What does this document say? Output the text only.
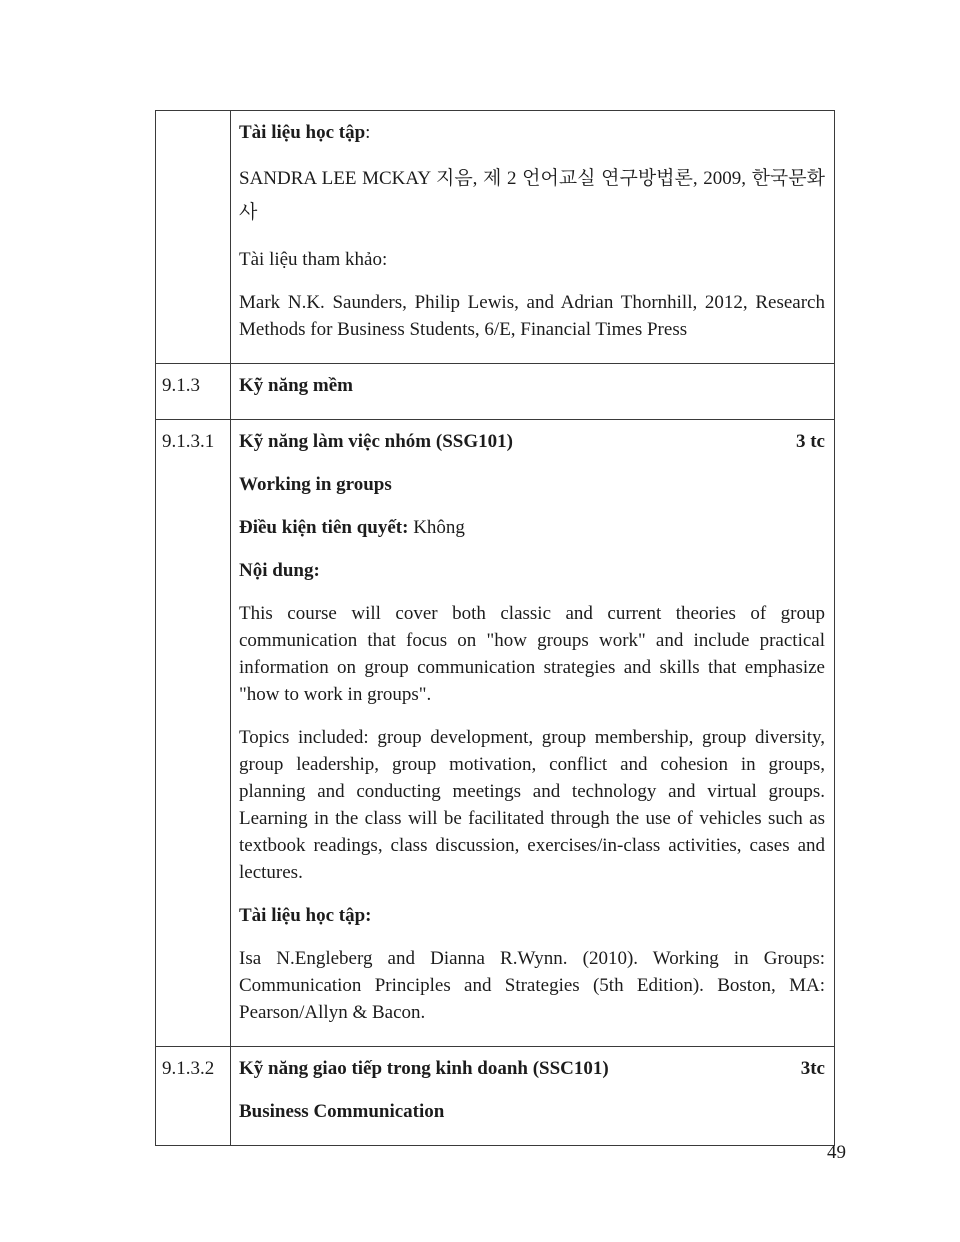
	Tài liệu học tập:

SANDRA LEE MCKAY 지음, 제 2 언어교실 연구방법론, 2009, 한국문화사

Tài liệu tham khảo:

Mark N.K. Saunders, Philip Lewis, and Adrian Thornhill, 2012, Research Methods for Business Students, 6/E, Financial Times Press

9.1.3	Kỹ năng mềm

9.1.3.1	Kỹ năng làm việc nhóm (SSG101)	3 tc

Working in groups

Điều kiện tiên quyết: Không

Nội dung:

This course will cover both classic and current theories of group communication that focus on "how groups work" and include practical information on group communication strategies and skills that emphasize "how to work in groups".

Topics included: group development, group membership, group diversity, group leadership, group motivation, conflict and cohesion in groups, planning and conducting meetings and technology and virtual groups. Learning in the class will be facilitated through the use of vehicles such as textbook readings, class discussion, exercises/in-class activities, cases and lectures.

Tài liệu học tập:

Isa N.Engleberg and Dianna R.Wynn. (2010). Working in Groups: Communication Principles and Strategies (5th Edition). Boston, MA: Pearson/Allyn & Bacon.

9.1.3.2	Kỹ năng giao tiếp trong kinh doanh (SSC101) 3tc

Business Communication

49
